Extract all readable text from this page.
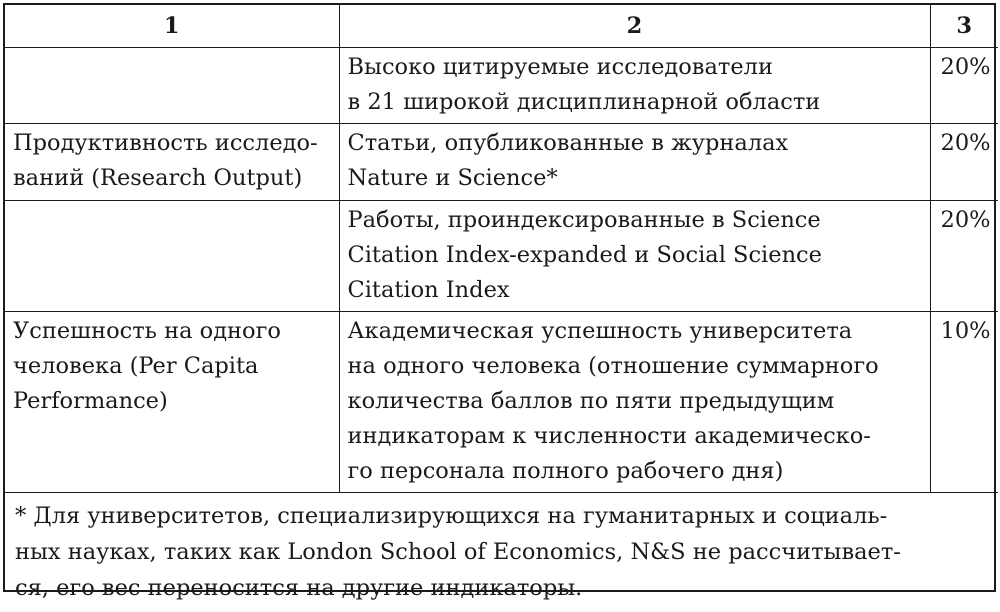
1	2	3

	Высоко цитируемые исследователи
в 21 широкой дисциплинарной области	20%

Продуктивность исследо-
ваний (Research Output)	Статьи, опубликованные в журналах
Nature и Science*	20%

	Работы, проиндексированные в Science
Citation Index-expanded и Social Science
Citation Index	20%

Успешность на одного
человека (Per Capita
Performance)	Академическая успешность университета
на одного человека (отношение суммарного
количества баллов по пяти предыдущим
индикаторам к численности академическо-
го персонала полного рабочего дня)	10%

* Для университетов, специализирующихся на гуманитарных и социаль-
ных науках, таких как London School of Economics, N&S не рассчитывает-
ся, его вес переносится на другие индикаторы.		
